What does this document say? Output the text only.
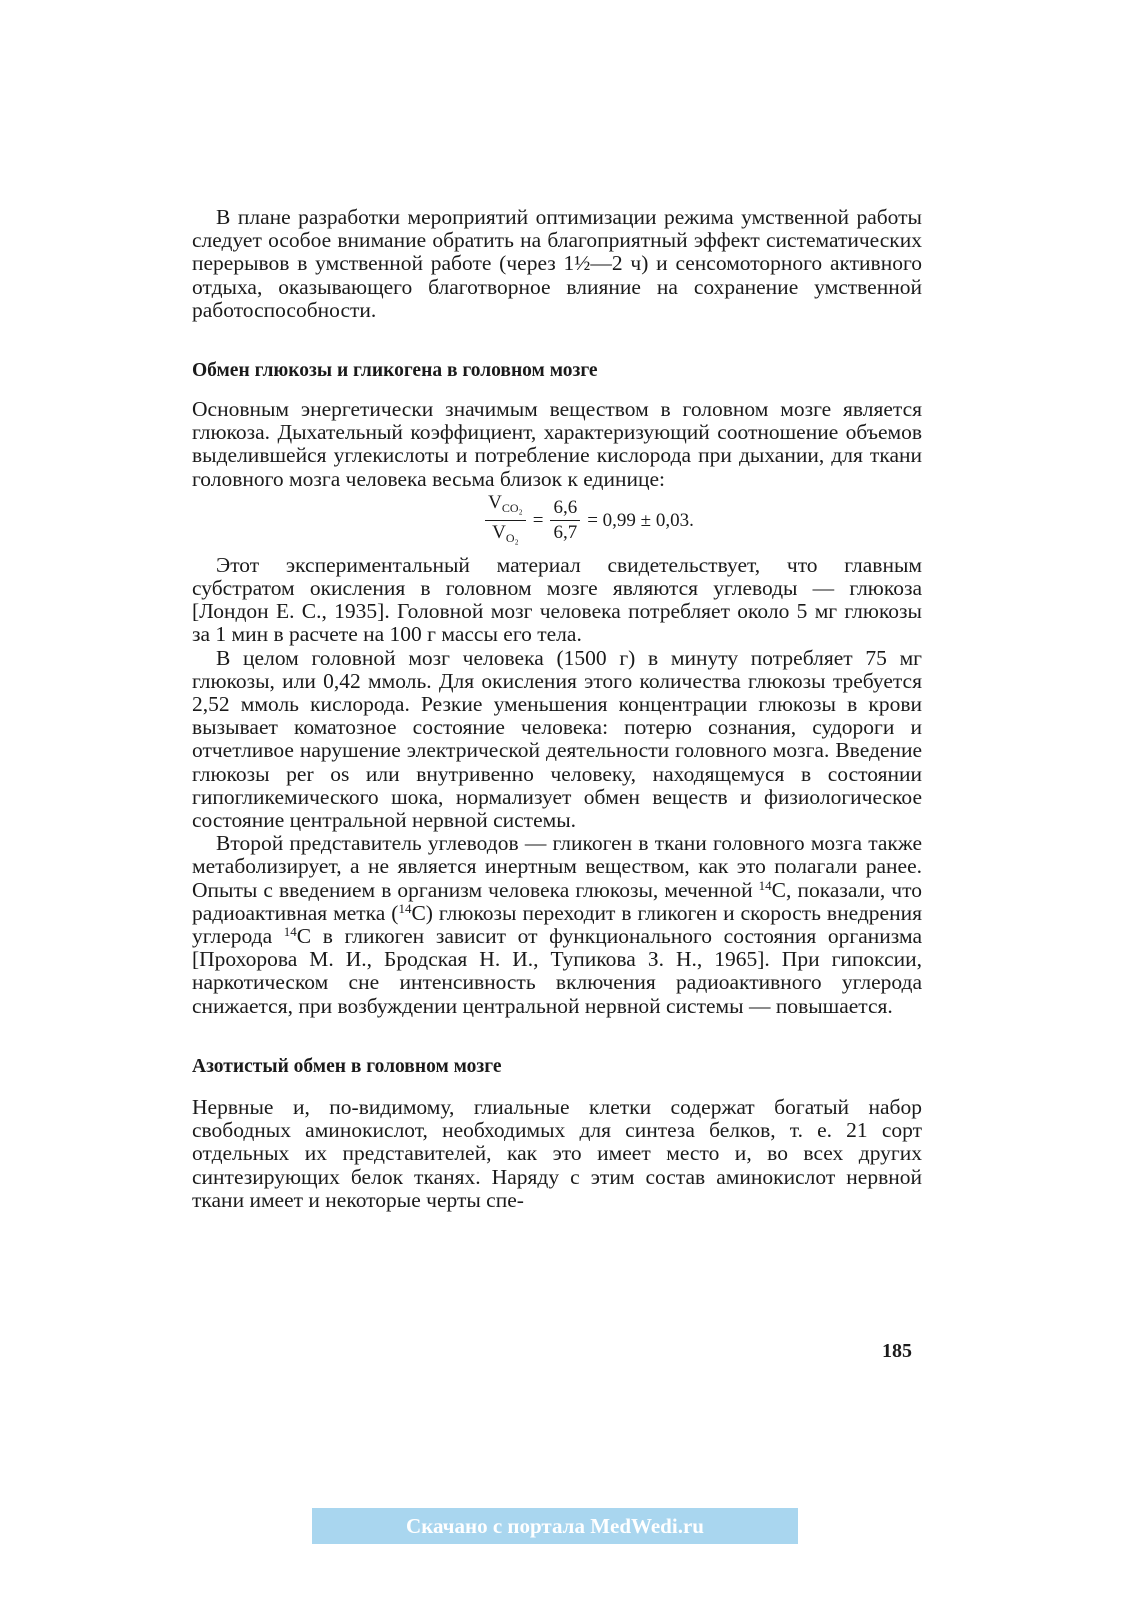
В плане разработки мероприятий оптимизации режима умственной работы следует особое внимание обратить на благоприятный эффект систематических перерывов в умственной работе (через 1½—2 ч) и сенсомоторного активного отдыха, оказывающего благотворное влияние на сохранение умственной работоспособности.

Обмен глюкозы и гликогена в головном мозге

Основным энергетически значимым веществом в головном мозге является глюкоза. Дыхательный коэффициент, характеризующий соотношение объемов выделившейся углекислоты и потребление кислорода при дыхании, для ткани головного мозга человека весьма близок к единице:

$\frac{V_{CO_2}}{V_{O_2}} = \frac{6,6}{6,7} = 0,99 \pm 0,03$.

Этот экспериментальный материал свидетельствует, что главным субстратом окисления в головном мозге являются углеводы — глюкоза [Лондон Е. С., 1935]. Головной мозг человека потребляет около 5 мг глюкозы за 1 мин в расчете на 100 г массы его тела.

В целом головной мозг человека (1500 г) в минуту потребляет 75 мг глюкозы, или 0,42 ммоль. Для окисления этого количества глюкозы требуется 2,52 ммоль кислорода. Резкие уменьшения концентрации глюкозы в крови вызывает коматозное состояние человека: потерю сознания, судороги и отчетливое нарушение электрической деятельности головного мозга. Введение глюкозы per os или внутривенно человеку, находящемуся в состоянии гипогликемического шока, нормализует обмен веществ и физиологическое состояние центральной нервной системы.

Второй представитель углеводов — гликоген в ткани головного мозга также метаболизирует, а не является инертным веществом, как это полагали ранее. Опыты с введением в организм человека глюкозы, меченной $^{14}$C, показали, что радиоактивная метка ($^{14}$C) глюкозы переходит в гликоген и скорость внедрения углерода $^{14}$C в гликоген зависит от функционального состояния организма [Прохорова М. И., Бродская Н. И., Тупикова З. Н., 1965]. При гипоксии, наркотическом сне интенсивность включения радиоактивного углерода снижается, при возбуждении центральной нервной системы — повышается.

Азотистый обмен в головном мозге

Нервные и, по-видимому, глиальные клетки содержат богатый набор свободных аминокислот, необходимых для синтеза белков, т. е. 21 сорт отдельных их представителей, как это имеет место и, во всех других синтезирующих белок тканях. Наряду с этим состав аминокислот нервной ткани имеет и некоторые черты спе-

185
Скачано с портала MedWedi.ru
